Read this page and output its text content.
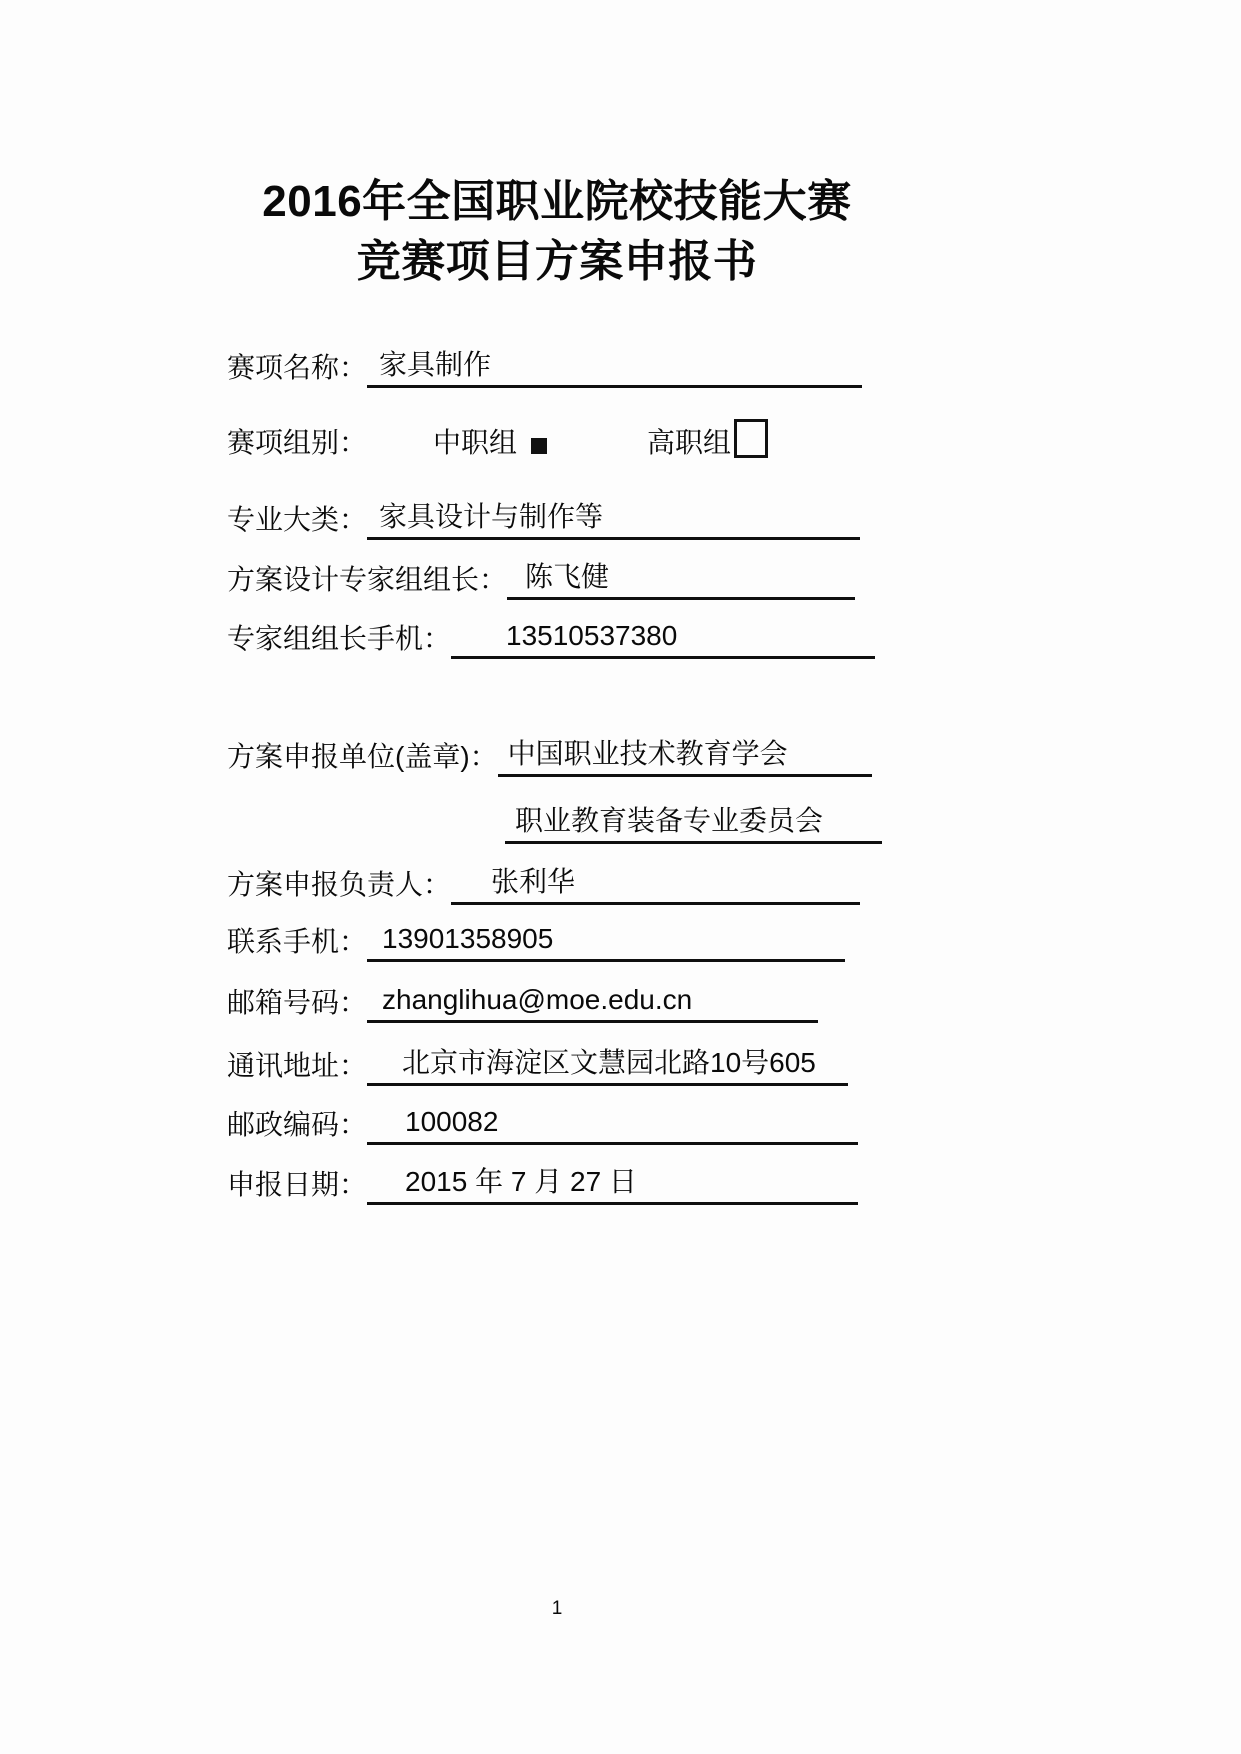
2016年全国职业院校技能大赛
竞赛项目方案申报书
赛项名称： 家具制作
赛项组别： 中职组	高职组
专业大类： 家具设计与制作等
方案设计专家组组长： 陈飞健
专家组组长手机：	13510537380
方案申报单位(盖章)： 中国职业技术教育学会
职业教育装备专业委员会
方案申报负责人：	张利华
联系手机： 13901358905
邮箱号码： zhanglihua@moe.edu.cn
通讯地址：	北京市海淀区文慧园北路10号605
邮政编码：	100082
申报日期：	2015 年 7 月 27 日
1
